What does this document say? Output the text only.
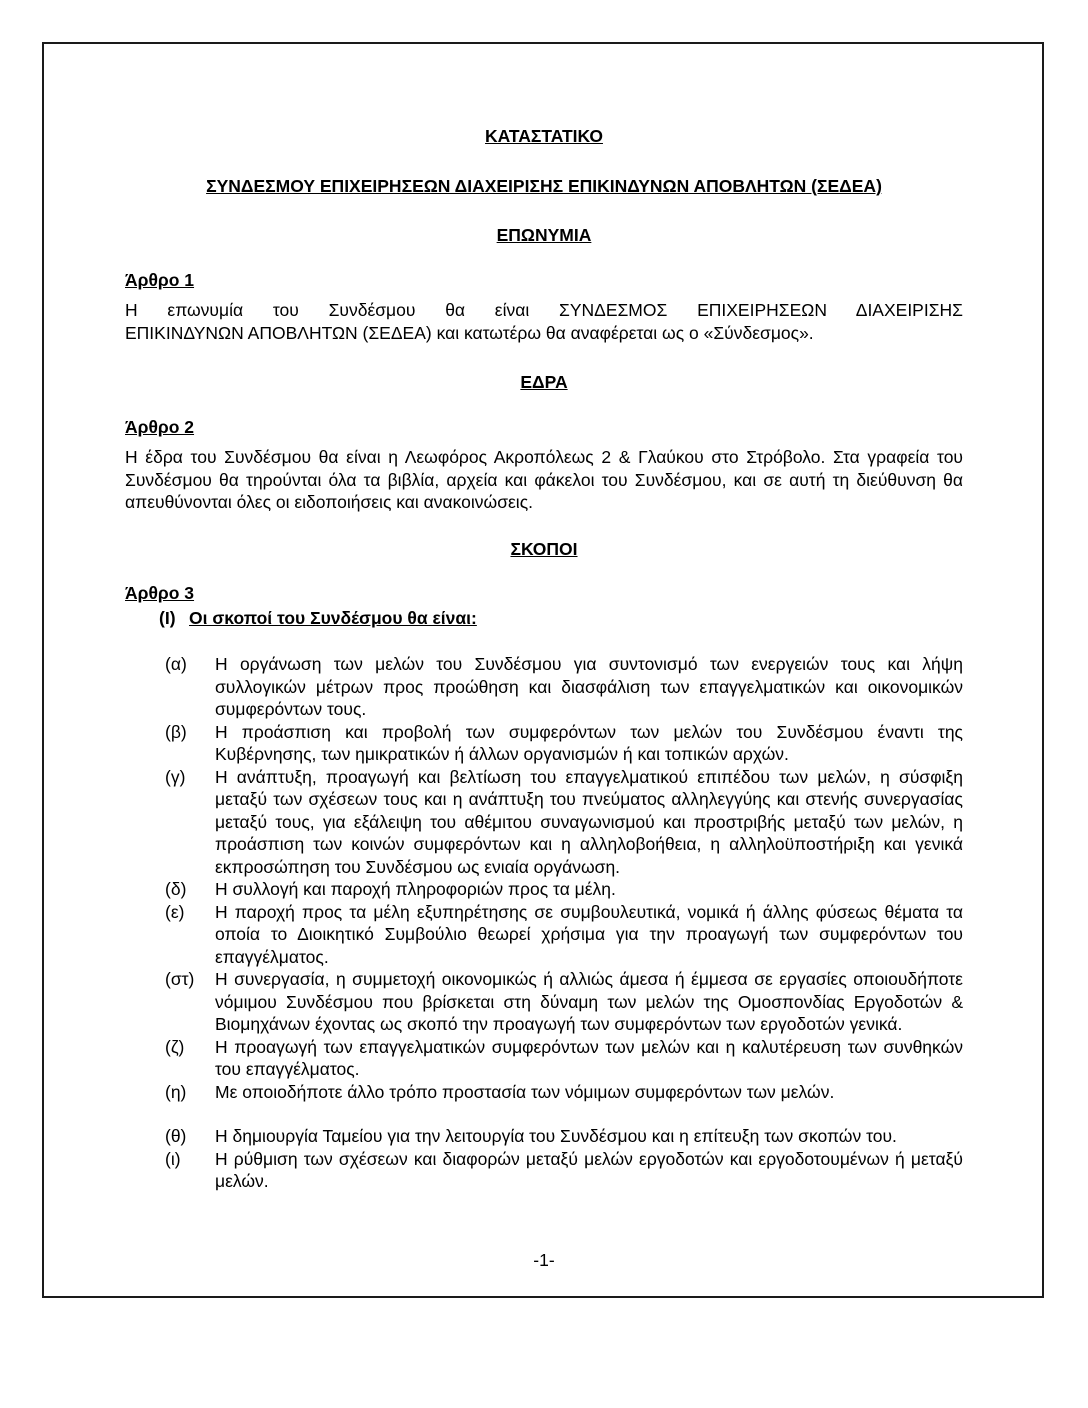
ΚΑΤΑΣΤΑΤΙΚΟ

ΣΥΝΔΕΣΜΟΥ ΕΠΙΧΕΙΡΗΣΕΩΝ ΔΙΑΧΕΙΡΙΣΗΣ ΕΠΙΚΙΝΔΥΝΩΝ ΑΠΟΒΛΗΤΩΝ (ΣΕΔΕΑ)

ΕΠΩΝΥΜΙΑ

Άρθρο 1

Η επωνυμία του Συνδέσμου θα είναι ΣΥΝΔΕΣΜΟΣ ΕΠΙΧΕΙΡΗΣΕΩΝ ΔΙΑΧΕΙΡΙΣΗΣ

ΕΠΙΚΙΝΔΥΝΩΝ ΑΠΟΒΛΗΤΩΝ (ΣΕΔΕΑ) και κατωτέρω θα αναφέρεται ως ο «Σύνδεσμος».

ΕΔΡΑ

Άρθρο 2

Η έδρα του Συνδέσμου θα είναι η Λεωφόρος Ακροπόλεως 2 & Γλαύκου στο Στρόβολο. Στα γραφεία του Συνδέσμου θα τηρούνται όλα τα βιβλία, αρχεία και φάκελοι του Συνδέσμου, και σε αυτή τη διεύθυνση θα απευθύνονται όλες οι ειδοποιήσεις και ανακοινώσεις.

ΣΚΟΠΟΙ

Άρθρο 3

(Ι) Οι σκοποί του Συνδέσμου θα είναι:

(α)	Η οργάνωση των μελών του Συνδέσμου για συντονισμό των ενεργειών τους και λήψη συλλογικών μέτρων προς προώθηση και διασφάλιση των επαγγελματικών και οικονομικών συμφερόντων τους.
(β)	Η προάσπιση και προβολή των συμφερόντων των μελών του Συνδέσμου έναντι της Κυβέρνησης, των ημικρατικών ή άλλων οργανισμών ή και τοπικών αρχών.
(γ)	Η ανάπτυξη, προαγωγή και βελτίωση του επαγγελματικού επιπέδου των μελών, η σύσφιξη μεταξύ των σχέσεων τους και η ανάπτυξη του πνεύματος αλληλεγγύης και στενής συνεργασίας μεταξύ τους, για εξάλειψη του αθέμιτου συναγωνισμού και προστριβής μεταξύ των μελών, η προάσπιση των κοινών συμφερόντων και η αλληλοβοήθεια, η αλληλοϋποστήριξη και γενικά εκπροσώπηση του Συνδέσμου ως ενιαία οργάνωση.
(δ)	Η συλλογή και παροχή πληροφοριών προς τα μέλη.
(ε)	Η παροχή προς τα μέλη εξυπηρέτησης σε συμβουλευτικά, νομικά ή άλλης φύσεως θέματα τα οποία το Διοικητικό Συμβούλιο θεωρεί χρήσιμα για την προαγωγή των συμφερόντων του επαγγέλματος.
(στ)	Η συνεργασία, η συμμετοχή οικονομικώς ή αλλιώς άμεσα ή έμμεσα σε εργασίες οποιουδήποτε νόμιμου Συνδέσμου που βρίσκεται στη δύναμη των μελών της Ομοσπονδίας Εργοδοτών & Βιομηχάνων έχοντας ως σκοπό την προαγωγή των συμφερόντων των εργοδοτών γενικά.
(ζ)	Η προαγωγή των επαγγελματικών συμφερόντων των μελών και η καλυτέρευση των συνθηκών του επαγγέλματος.
(η)	Με οποιοδήποτε άλλο τρόπο προστασία των νόμιμων συμφερόντων των μελών.
(θ)	Η δημιουργία Ταμείου για την λειτουργία του Συνδέσμου και η επίτευξη των σκοπών του.
(ι)	Η ρύθμιση των σχέσεων και διαφορών μεταξύ μελών εργοδοτών και εργοδοτουμένων ή μεταξύ μελών.
-1-
